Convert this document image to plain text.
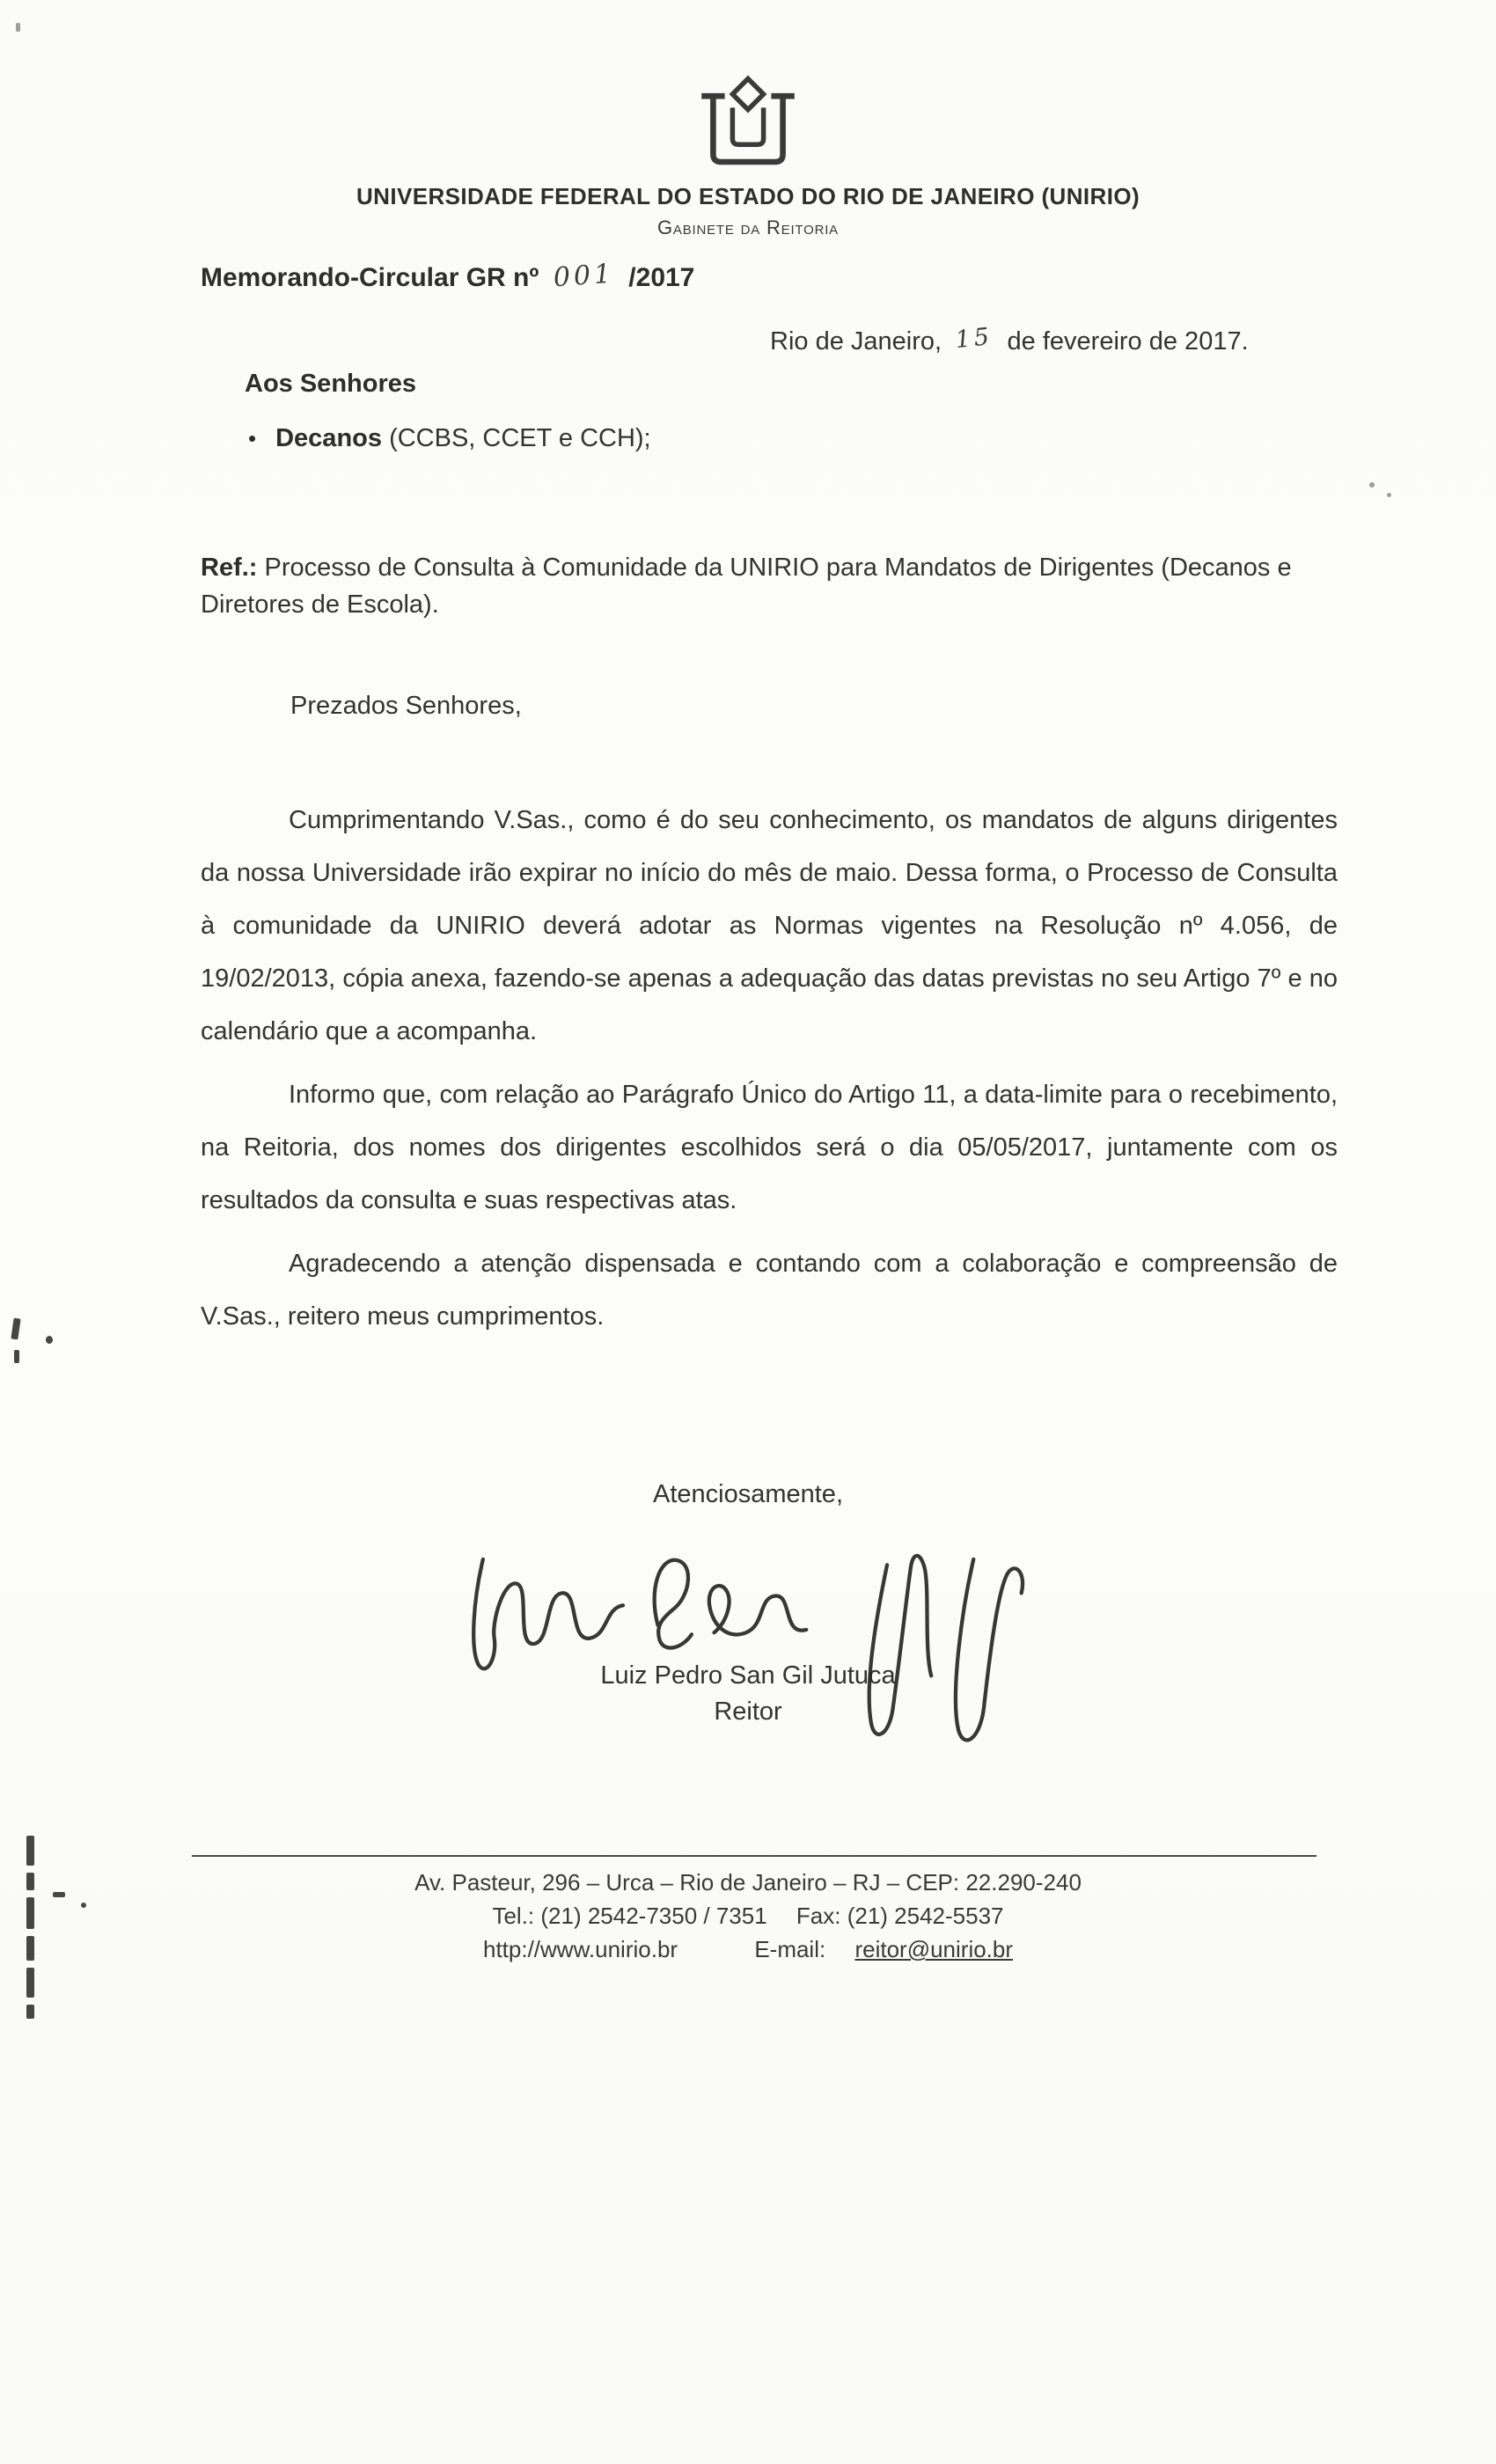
UNIVERSIDADE FEDERAL DO ESTADO DO RIO DE JANEIRO (UNIRIO)
Gabinete da Reitoria
Memorando-Circular GR nº 001 /2017
Rio de Janeiro, 15 de fevereiro de 2017.
Aos Senhores
• Decanos (CCBS, CCET e CCH);
Ref.: Processo de Consulta à Comunidade da UNIRIO para Mandatos de Dirigentes (Decanos e Diretores de Escola).
Prezados Senhores,

Cumprimentando V.Sas., como é do seu conhecimento, os mandatos de alguns dirigentes da nossa Universidade irão expirar no início do mês de maio. Dessa forma, o Processo de Consulta à comunidade da UNIRIO deverá adotar as Normas vigentes na Resolução nº 4.056, de 19/02/2013, cópia anexa, fazendo-se apenas a adequação das datas previstas no seu Artigo 7º e no calendário que a acompanha.

Informo que, com relação ao Parágrafo Único do Artigo 11, a data-limite para o recebimento, na Reitoria, dos nomes dos dirigentes escolhidos será o dia 05/05/2017, juntamente com os resultados da consulta e suas respectivas atas.

Agradecendo a atenção dispensada e contando com a colaboração e compreensão de V.Sas., reitero meus cumprimentos.

Atenciosamente,
Luiz Pedro San Gil Jutuca
Reitor
Av. Pasteur, 296 – Urca – Rio de Janeiro – RJ – CEP: 22.290-240
Tel.: (21) 2542-7350 / 7351 Fax: (21) 2542-5537
http://www.unirio.br	E-mail: reitor@unirio.br
